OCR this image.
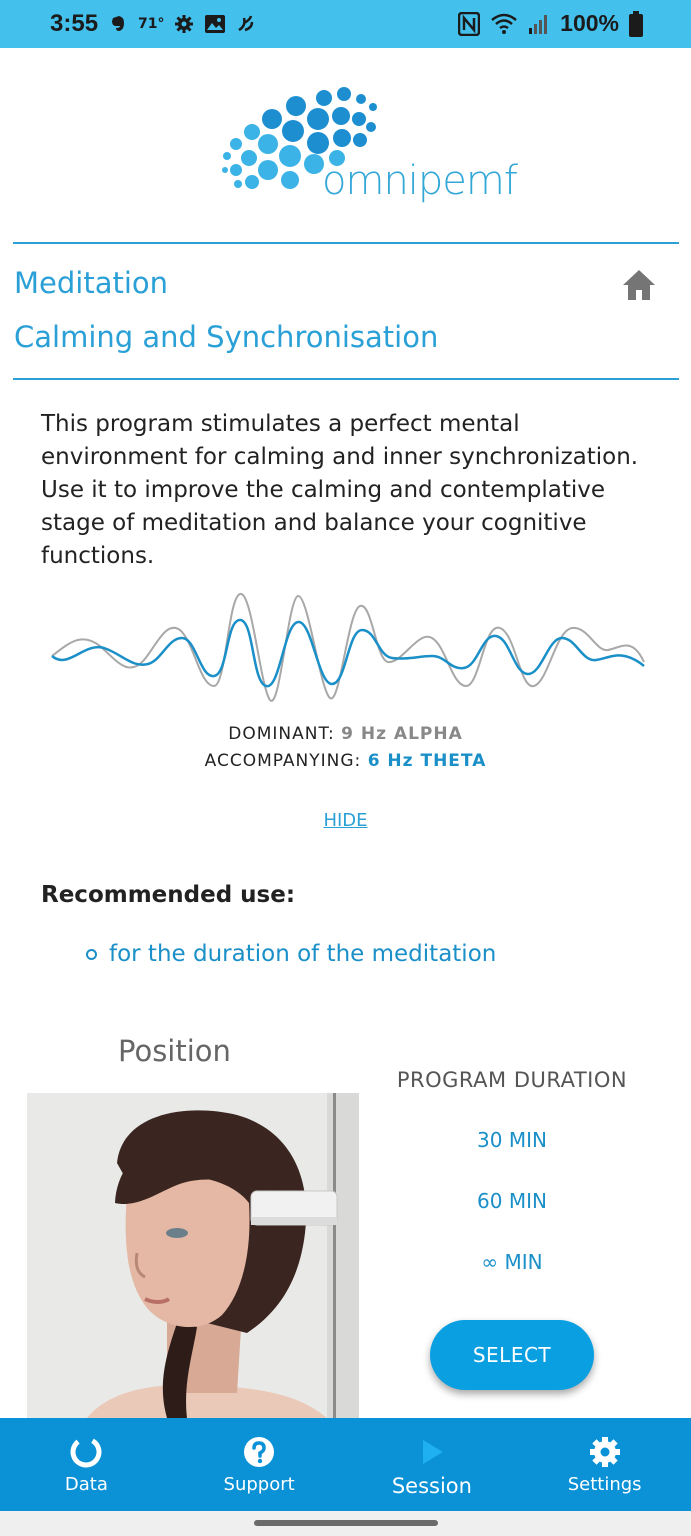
3:55	71°	100%
omnipemf
Meditation
Calming and Synchronisation
This program stimulates a perfect mental environment for calming and inner synchronization. Use it to improve the calming and contemplative stage of meditation and balance your cognitive functions.
DOMINANT: 9 Hz ALPHA
ACCOMPANYING: 6 Hz THETA
HIDE
Recommended use:
for the duration of the meditation
Position
PROGRAM DURATION
30 MIN
60 MIN
∞ MIN
SELECT
Data	Support	Session	Settings
